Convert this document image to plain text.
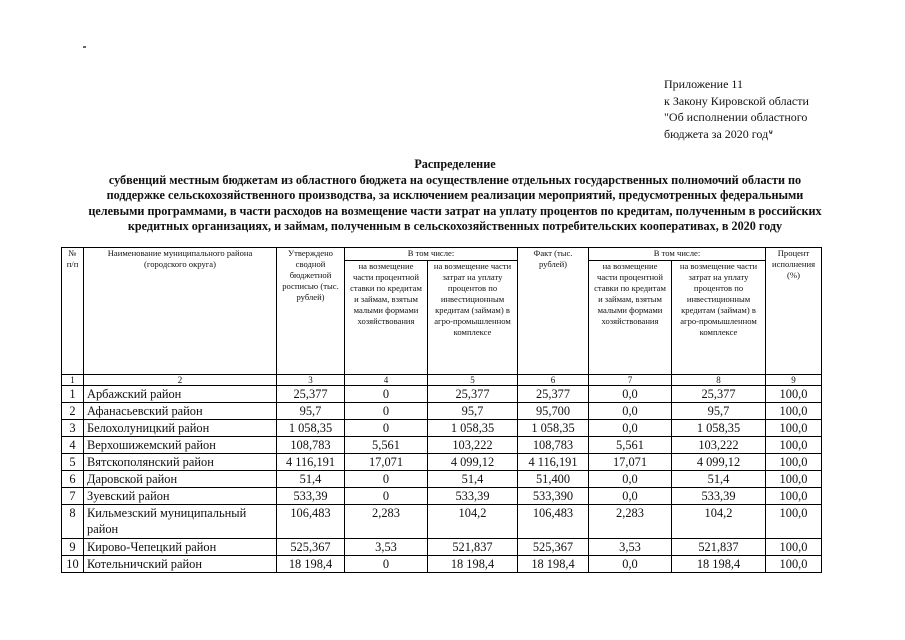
Приложение 11
к Закону Кировской области
"Об исполнении областного
бюджета за 2020 год"
Распределение
субвенций местным бюджетам из областного бюджета на осуществление отдельных государственных полномочий области по
поддержке сельскохозяйственного производства, за исключением реализации мероприятий, предусмотренных федеральными
целевыми программами, в части расходов на возмещение части затрат на уплату процентов по кредитам, полученным в российских
кредитных организациях, и займам, полученным в сельскохозяйственных потребительских кооперативах, в 2020 году
№ п/п	Наименование муниципального района (городского округа)	Утверждено сводной бюджетной росписью (тыс. рублей)	В том числе:		Факт (тыс. рублей)	В том числе:		Процент исполнения (%)
			на возмещение части процентной ставки по кредитам и займам, взятым малыми формами хозяйствования	на возмещение части затрат на уплату процентов по инвестиционным кредитам (займам) в агро-промышленном комплексе		на возмещение части процентной ставки по кредитам и займам, взятым малыми формами хозяйствования	на возмещение части затрат на уплату процентов по инвестиционным кредитам (займам) в агро-промышленном комплексе	
1	2	3	4	5	6	7	8	9
1	Арбажский район	25,377	0	25,377	25,377	0,0	25,377	100,0
2	Афанасьевский район	95,7	0	95,7	95,700	0,0	95,7	100,0
3	Белохолуницкий район	1 058,35	0	1 058,35	1 058,35	0,0	1 058,35	100,0
4	Верхошижемский район	108,783	5,561	103,222	108,783	5,561	103,222	100,0
5	Вятскополянский район	4 116,191	17,071	4 099,12	4 116,191	17,071	4 099,12	100,0
6	Даровской район	51,4	0	51,4	51,400	0,0	51,4	100,0
7	Зуевский район	533,39	0	533,39	533,390	0,0	533,39	100,0
8	Кильмезский муниципальный район	106,483	2,283	104,2	106,483	2,283	104,2	100,0
9	Кирово-Чепецкий район	525,367	3,53	521,837	525,367	3,53	521,837	100,0
10	Котельничский район	18 198,4	0	18 198,4	18 198,4	0,0	18 198,4	100,0
